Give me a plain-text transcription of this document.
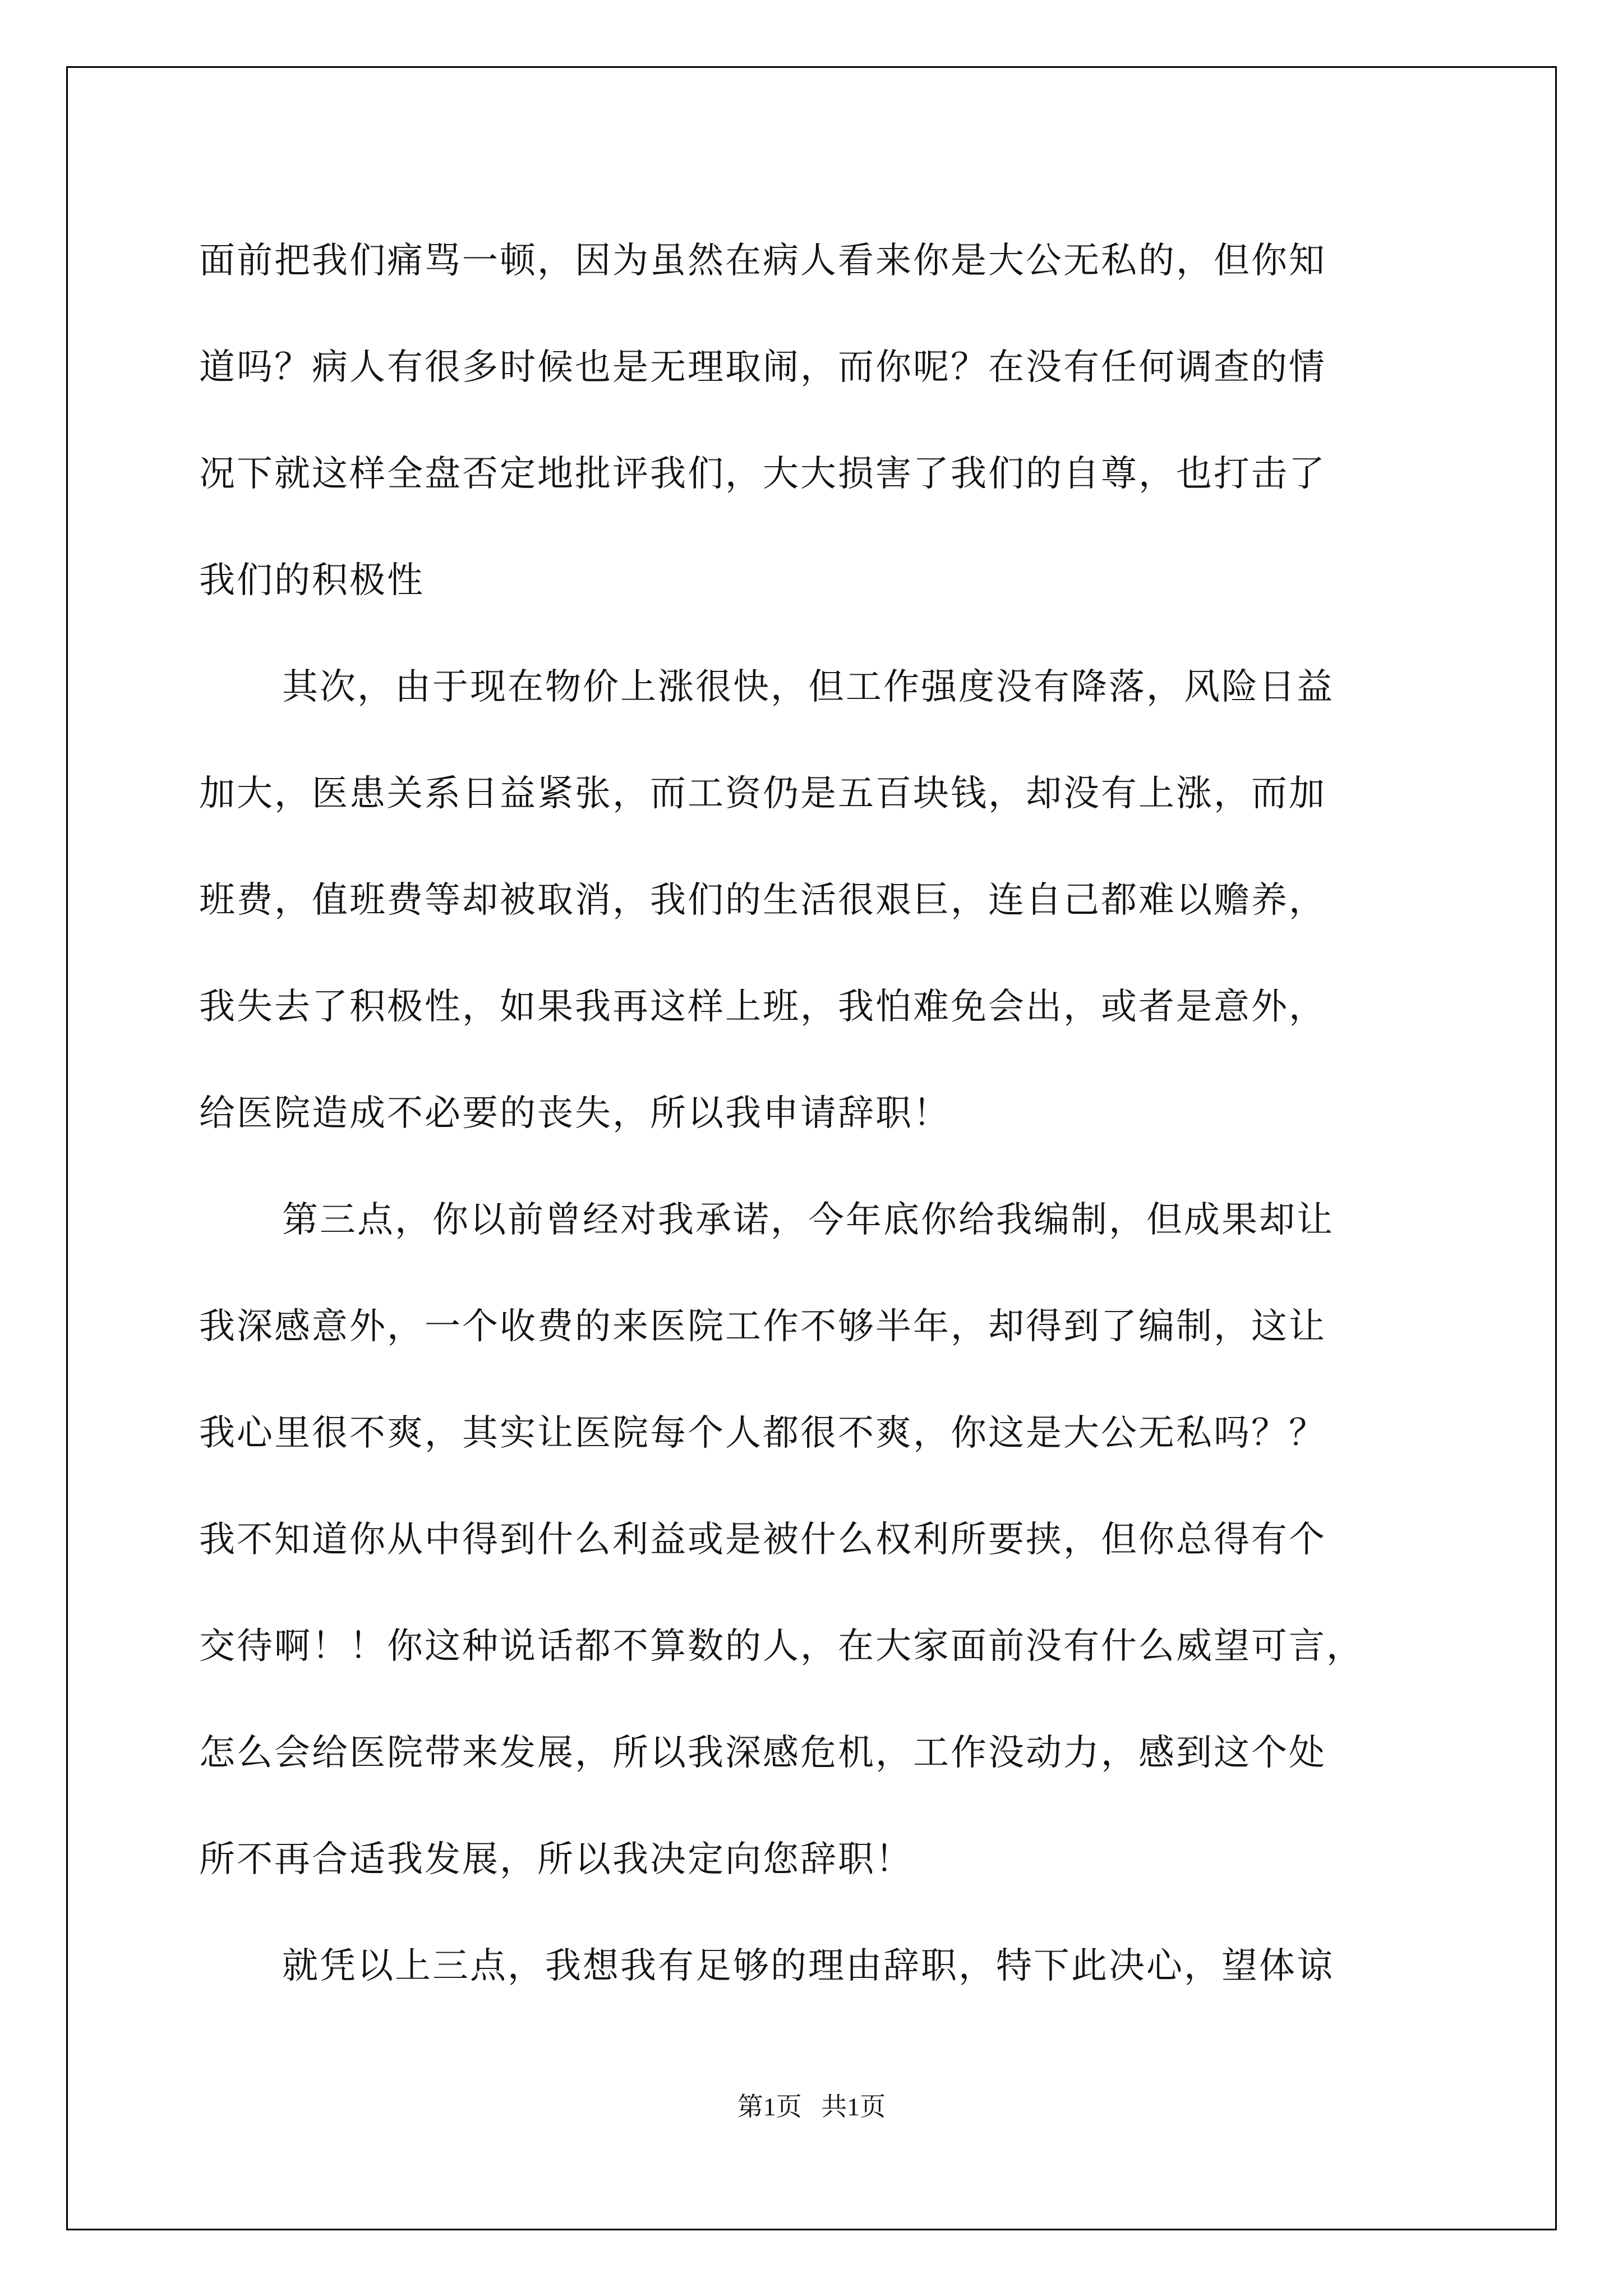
面前把我们痛骂一顿，因为虽然在病人看来你是大公无私的，但你知
道吗？病人有很多时候也是无理取闹，而你呢？在没有任何调查的情
况下就这样全盘否定地批评我们，大大损害了我们的自尊，也打击了
我们的积极性
其次，由于现在物价上涨很快，但工作强度没有降落，风险日益
加大，医患关系日益紧张，而工资仍是五百块钱，却没有上涨，而加
班费，值班费等却被取消，我们的生活很艰巨，连自己都难以赡养，
我失去了积极性，如果我再这样上班，我怕难免会出，或者是意外，
给医院造成不必要的丧失，所以我申请辞职！
第三点，你以前曾经对我承诺，今年底你给我编制，但成果却让
我深感意外，一个收费的来医院工作不够半年，却得到了编制，这让
我心里很不爽，其实让医院每个人都很不爽，你这是大公无私吗？？
我不知道你从中得到什么利益或是被什么权利所要挟，但你总得有个
交待啊！！你这种说话都不算数的人，在大家面前没有什么威望可言，
怎么会给医院带来发展，所以我深感危机，工作没动力，感到这个处
所不再合适我发展，所以我决定向您辞职！
就凭以上三点，我想我有足够的理由辞职，特下此决心，望体谅
第1页   共1页
